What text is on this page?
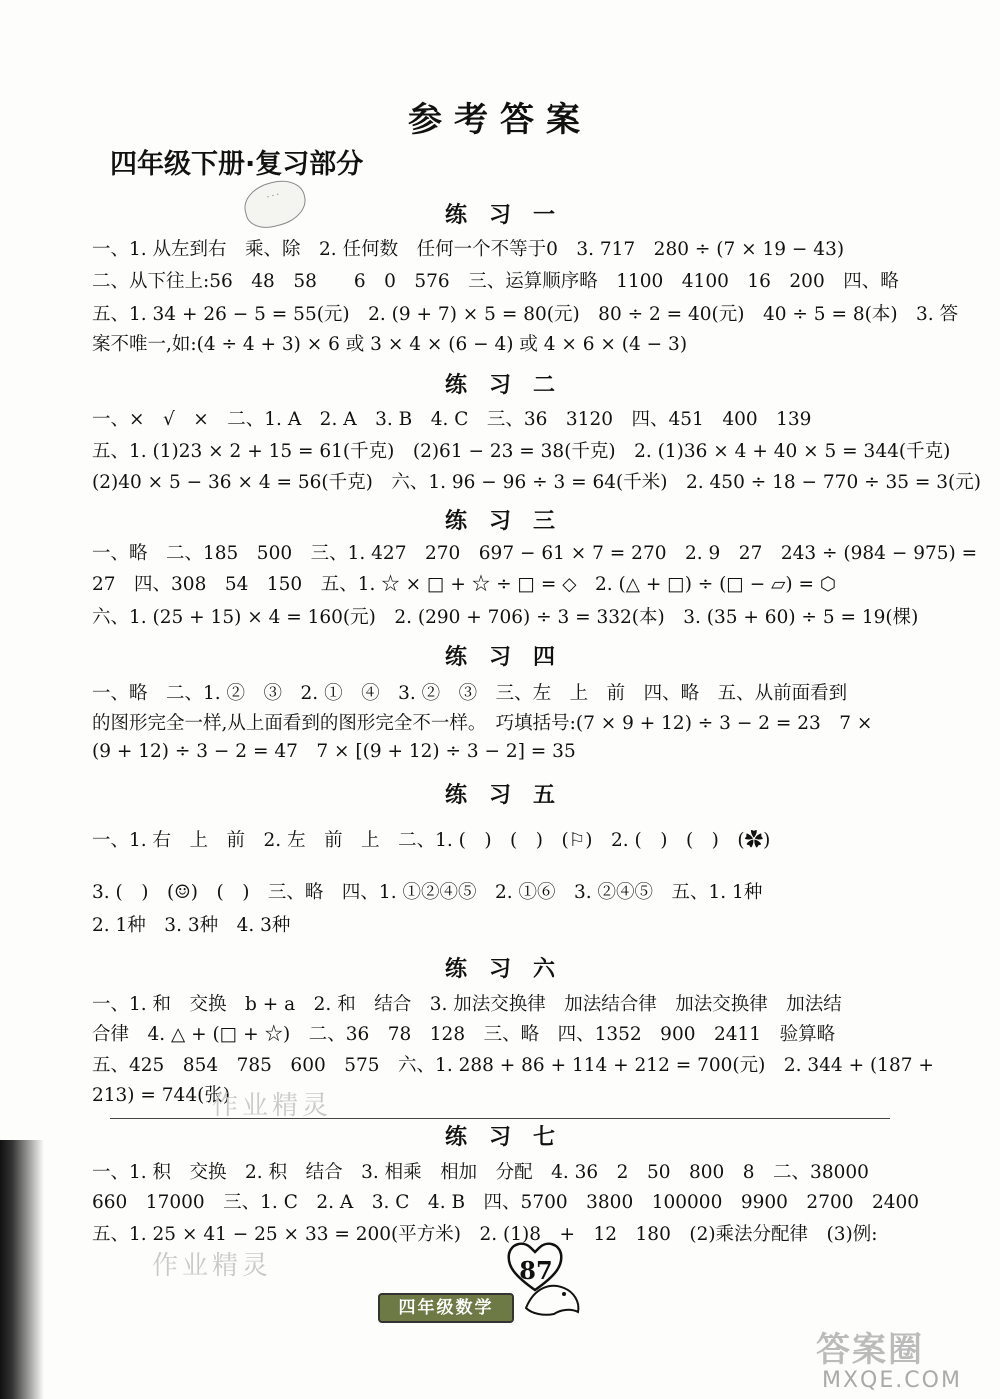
参考答案
四年级下册·复习部分
· · ·
练习一
一、1. 从左到右　乘、除　2. 任何数　任何一个不等于0　3. 717　280 ÷ (7 × 19 − 43)
二、从下往上:56　48　58　　6　0　576　三、运算顺序略　1100　4100　16　200　四、略
五、1. 34 + 26 − 5 = 55(元)　2. (9 + 7) × 5 = 80(元)　80 ÷ 2 = 40(元)　40 ÷ 5 = 8(本)　3. 答
案不唯一,如:(4 ÷ 4 + 3) × 6 或 3 × 4 × (6 − 4) 或 4 × 6 × (4 − 3)
练习二
一、×　√　×　二、1. A　2. A　3. B　4. C　三、36　3120　四、451　400　139
五、1. (1)23 × 2 + 15 = 61(千克)　(2)61 − 23 = 38(千克)　2. (1)36 × 4 + 40 × 5 = 344(千克)
(2)40 × 5 − 36 × 4 = 56(千克)　六、1. 96 − 96 ÷ 3 = 64(千米)　2. 450 ÷ 18 − 770 ÷ 35 = 3(元)
练习三
一、略　二、185　500　三、1. 427　270　697 − 61 × 7 = 270　2. 9　27　243 ÷ (984 − 975) =
27　四、308　54　150　五、1. ☆ × □ + ☆ ÷ □ = ◇　2. (△ + □) ÷ (□ − ▱) = ⬡
六、1. (25 + 15) × 4 = 160(元)　2. (290 + 706) ÷ 3 = 332(本)　3. (35 + 60) ÷ 5 = 19(棵)
练习四
一、略　二、1. ②　③　2. ①　④　3. ②　③　三、左　上　前　四、略　五、从前面看到
的图形完全一样,从上面看到的图形完全不一样。　巧填括号:(7 × 9 + 12) ÷ 3 − 2 = 23　7 ×
(9 + 12) ÷ 3 − 2 = 47　7 × [(9 + 12) ÷ 3 − 2] = 35
练习五
一、1. 右　上　前　2. 左　前　上　二、1. (　)　(　)　(⚐)　2. (　)　(　)　(✿)
3. (　)　(☺)　(　)　三、略　四、1. ①②④⑤　2. ①⑥　3. ②④⑤　五、1. 1种
2. 1种　3. 3种　4. 3种
练习六
一、1. 和　交换　b + a　2. 和　结合　3. 加法交换律　加法结合律　加法交换律　加法结
合律　4. △ + (□ + ☆)　二、36　78　128　三、略　四、1352　900　2411　验算略
五、425　854　785　600　575　六、1. 288 + 86 + 114 + 212 = 700(元)　2. 344 + (187 +
213) = 744(张)
练习七
一、1. 积　交换　2. 积　结合　3. 相乘　相加　分配　4. 36　2　50　800　8　二、38000
660　17000　三、1. C　2. A　3. C　4. B　四、5700　3800　100000　9900　2700　2400
五、1. 25 × 41 − 25 × 33 = 200(平方米)　2. (1)8　+　12　180　(2)乘法分配律　(3)例:
作业精灵
作业精灵	87
四年级数学
答案圈
MXQE.COM
